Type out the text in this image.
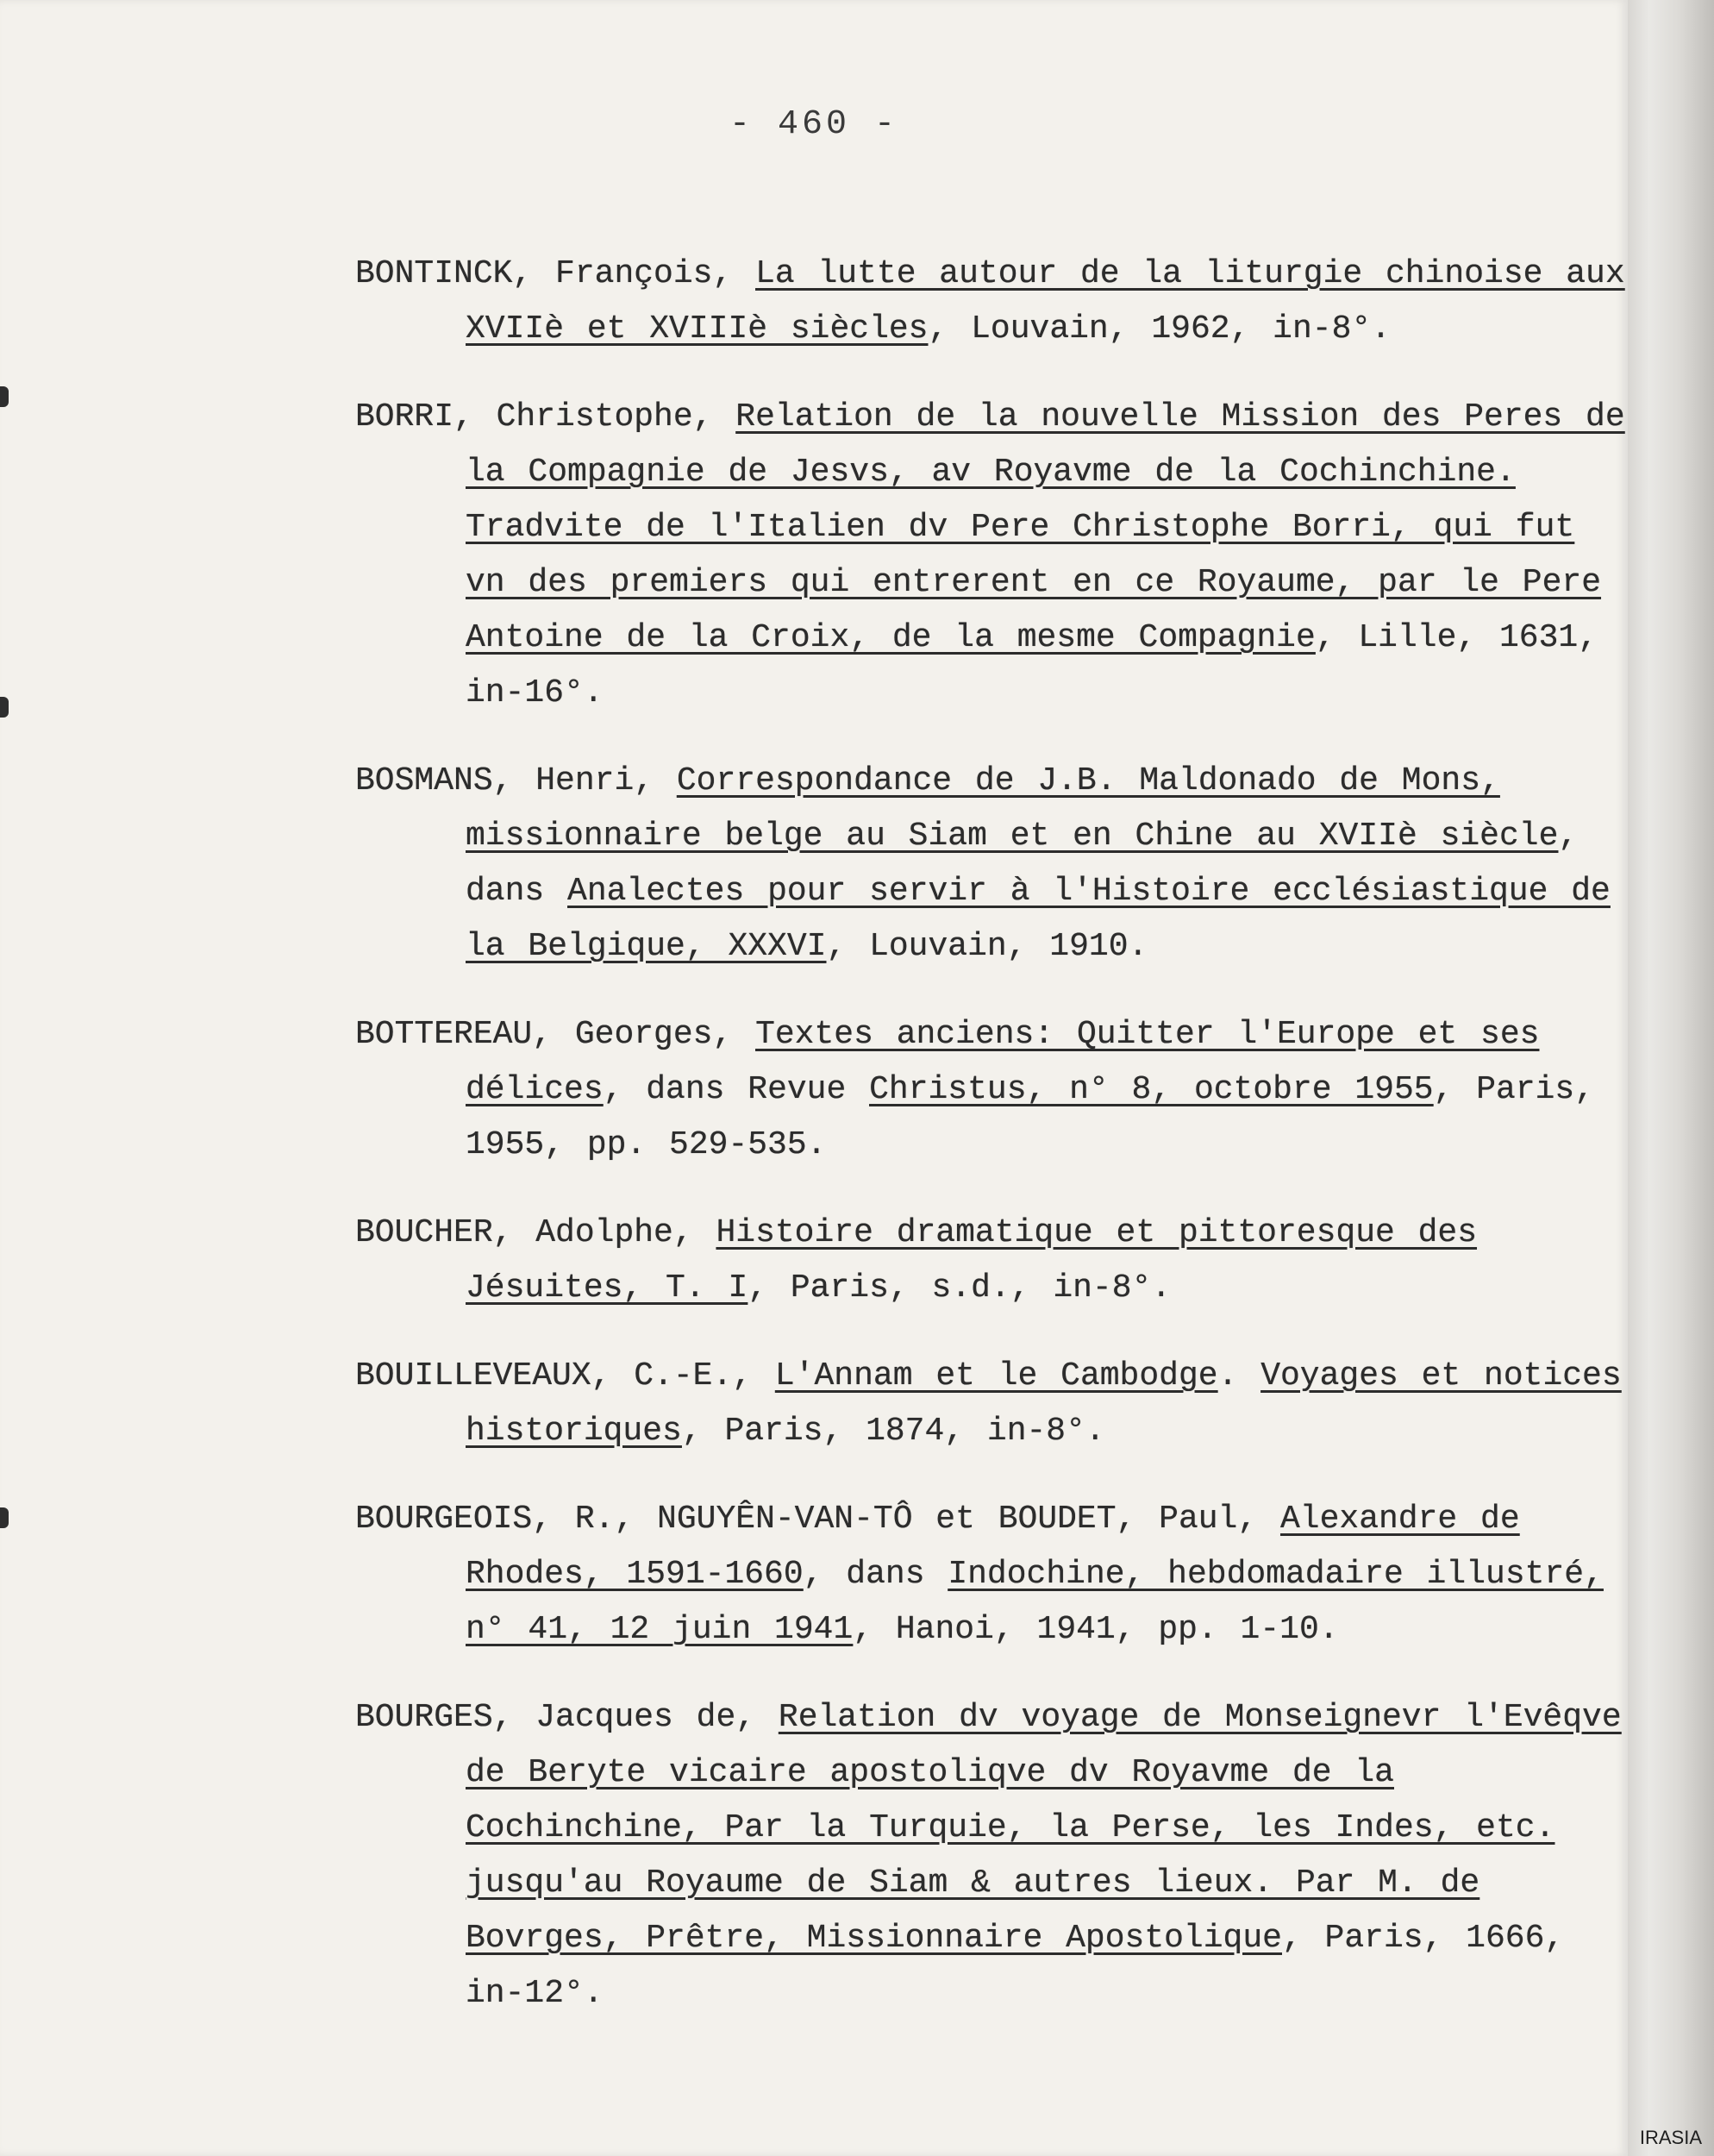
- 460 -

BONTINCK, François, La lutte autour de la liturgie chinoise aux XVIIè et XVIIIè siècles, Louvain, 1962, in-8°.

BORRI, Christophe, Relation de la nouvelle Mission des Peres de la Compagnie de Jesvs, av Royavme de la Cochinchine. Tradvite de l'Italien dv Pere Christophe Borri, qui fut vn des premiers qui entrerent en ce Royaume, par le Pere Antoine de la Croix, de la mesme Compagnie, Lille, 1631, in-16°.

BOSMANS, Henri, Correspondance de J.B. Maldonado de Mons, missionnaire belge au Siam et en Chine au XVIIè siècle, dans Analectes pour servir à l'Histoire ecclésiastique de la Belgique, XXXVI, Louvain, 1910.

BOTTEREAU, Georges, Textes anciens: Quitter l'Europe et ses délices, dans Revue Christus, n° 8, octobre 1955, Paris, 1955, pp. 529-535.

BOUCHER, Adolphe, Histoire dramatique et pittoresque des Jésuites, T. I, Paris, s.d., in-8°.

BOUILLEVEAUX, C.-E., L'Annam et le Cambodge. Voyages et notices historiques, Paris, 1874, in-8°.

BOURGEOIS, R., NGUYÊN-VAN-TÔ et BOUDET, Paul, Alexandre de Rhodes, 1591-1660, dans Indochine, hebdomadaire illustré, n° 41, 12 juin 1941, Hanoi, 1941, pp. 1-10.

BOURGES, Jacques de, Relation dv voyage de Monseignevr l'Evêqve de Beryte vicaire apostoliqve dv Royavme de la Cochinchine, Par la Turquie, la Perse, les Indes, etc. jusqu'au Royaume de Siam & autres lieux. Par M. de Bovrges, Prêtre, Missionnaire Apostolique, Paris, 1666, in-12°.

IRASIA
